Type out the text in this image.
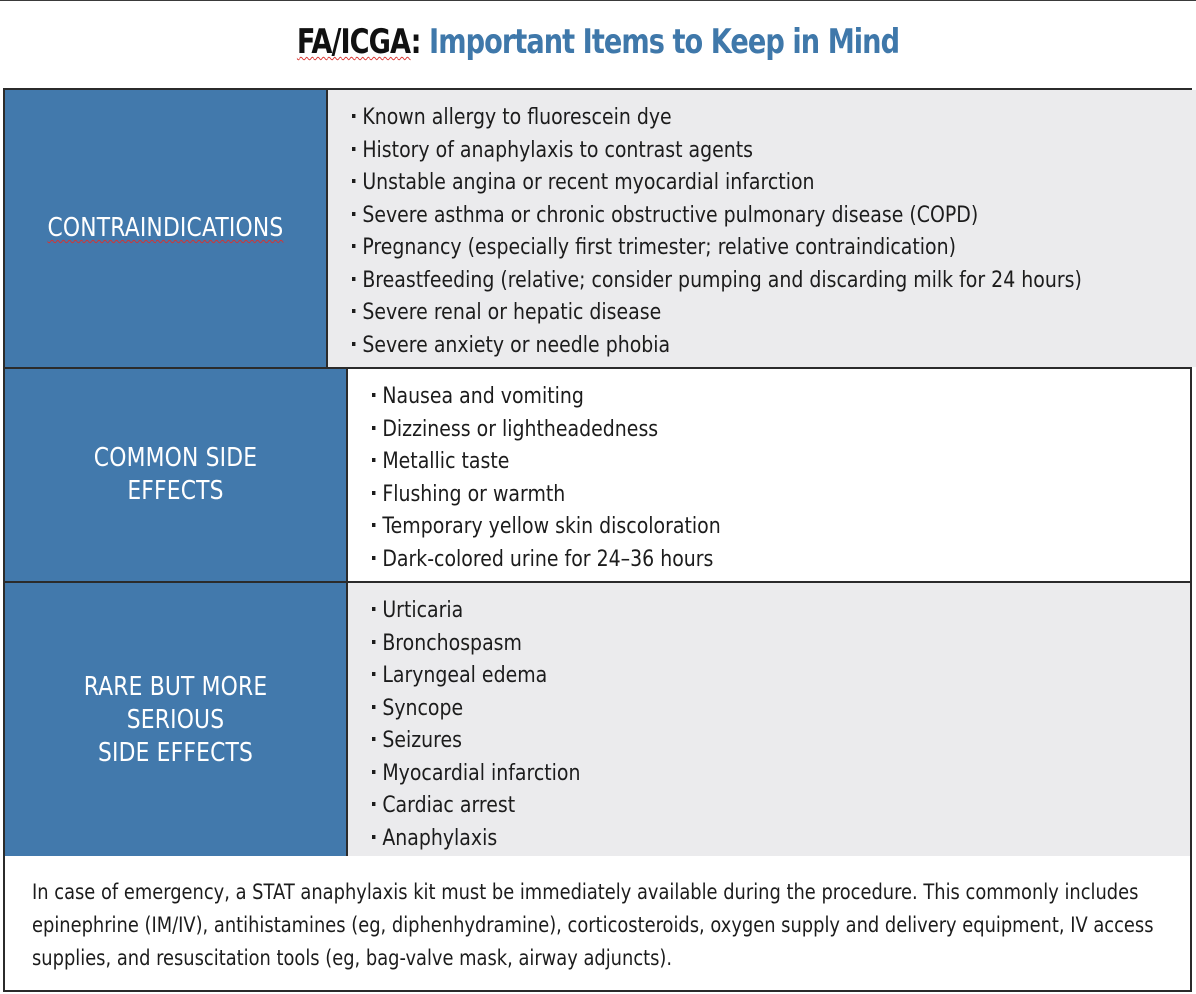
FA/ICGA: Important Items to Keep in Mind
CONTRAINDICATIONS
Known allergy to fluorescein dye
History of anaphylaxis to contrast agents
Unstable angina or recent myocardial infarction
Severe asthma or chronic obstructive pulmonary disease (COPD)
Pregnancy (especially first trimester; relative contraindication)
Breastfeeding (relative; consider pumping and discarding milk for 24 hours)
Severe renal or hepatic disease
Severe anxiety or needle phobia
COMMON SIDE EFFECTS
Nausea and vomiting
Dizziness or lightheadedness
Metallic taste
Flushing or warmth
Temporary yellow skin discoloration
Dark-colored urine for 24–36 hours
RARE BUT MORE SERIOUS
SIDE EFFECTS
Urticaria
Bronchospasm
Laryngeal edema
Syncope
Seizures
Myocardial infarction
Cardiac arrest
Anaphylaxis

In case of emergency, a STAT anaphylaxis kit must be immediately available during the procedure. This commonly includes epinephrine (IM/IV), antihistamines (eg, diphenhydramine), corticosteroids, oxygen supply and delivery equipment, IV access supplies, and resuscitation tools (eg, bag-valve mask, airway adjuncts).
